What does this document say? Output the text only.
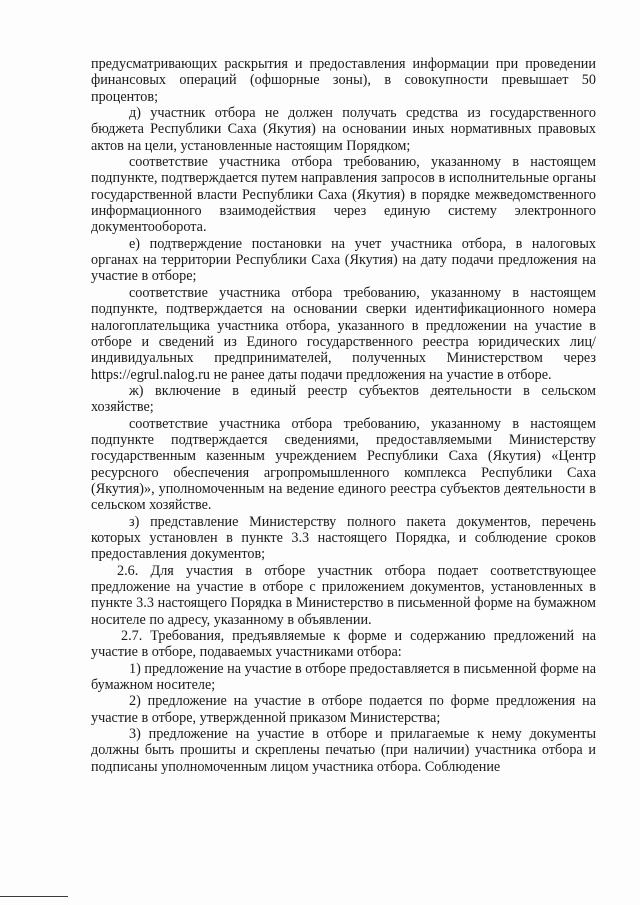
предусматривающих раскрытия и предоставления информации при проведении финансовых операций (офшорные зоны), в совокупности превышает 50 процентов;

д) участник отбора не должен получать средства из государственного бюджета Республики Саха (Якутия) на основании иных нормативных правовых актов на цели, установленные настоящим Порядком;

соответствие участника отбора требованию, указанному в настоящем подпункте, подтверждается путем направления запросов в исполнительные органы государственной власти Республики Саха (Якутия) в порядке межведомственного информационного взаимодействия через единую систему электронного документооборота.

е) подтверждение постановки на учет участника отбора, в налоговых органах на территории Республики Саха (Якутия) на дату подачи предложения на участие в отборе;

соответствие участника отбора требованию, указанному в настоящем подпункте, подтверждается на основании сверки идентификационного номера налогоплательщика участника отбора, указанного в предложении на участие в отборе и сведений из Единого государственного реестра юридических лиц/индивидуальных предпринимателей, полученных Министерством через https://egrul.nalog.ru не ранее даты подачи предложения на участие в отборе.

ж) включение в единый реестр субъектов деятельности в сельском хозяйстве;

соответствие участника отбора требованию, указанному в настоящем подпункте подтверждается сведениями, предоставляемыми Министерству государственным казенным учреждением Республики Саха (Якутия) «Центр ресурсного обеспечения агропромышленного комплекса Республики Саха (Якутия)», уполномоченным на ведение единого реестра субъектов деятельности в сельском хозяйстве.

з) представление Министерству полного пакета документов, перечень которых установлен в пункте 3.3 настоящего Порядка, и соблюдение сроков предоставления документов;

2.6. Для участия в отборе участник отбора подает соответствующее предложение на участие в отборе с приложением документов, установленных в пункте 3.3 настоящего Порядка в Министерство в письменной форме на бумажном носителе по адресу, указанному в объявлении.

2.7. Требования, предъявляемые к форме и содержанию предложений на участие в отборе, подаваемых участниками отбора:

1) предложение на участие в отборе предоставляется в письменной форме на бумажном носителе;

2) предложение на участие в отборе подается по форме предложения на участие в отборе, утвержденной приказом Министерства;

3) предложение на участие в отборе и прилагаемые к нему документы должны быть прошиты и скреплены печатью (при наличии) участника отбора и подписаны уполномоченным лицом участника отбора. Соблюдение
